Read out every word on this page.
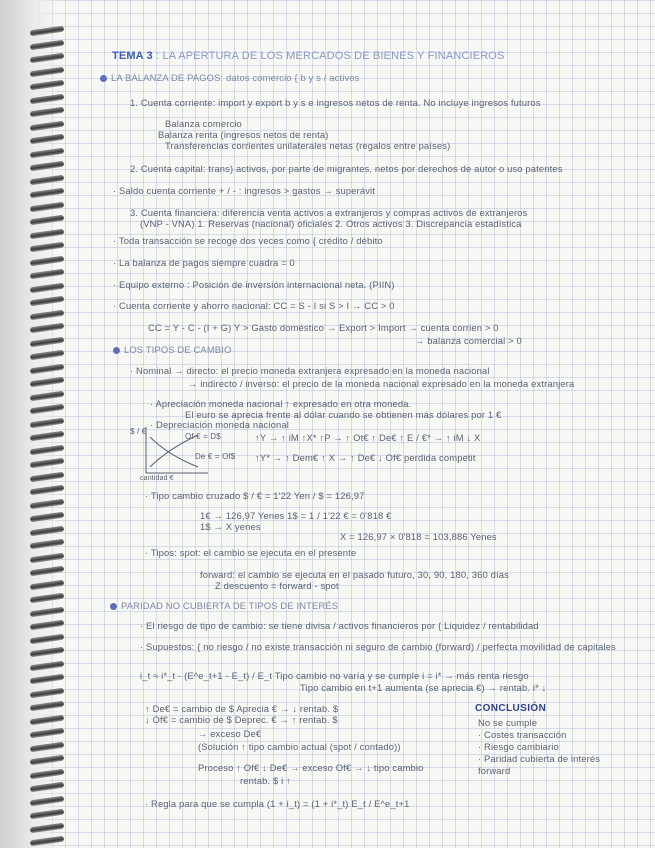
TEMA 3 : LA APERTURA DE LOS MERCADOS DE BIENES Y FINANCIEROS
LA BALANZA DE PAGOS: datos comercio { b y s / activos
1. Cuenta corriente: import y export b y s e ingresos netos de renta. No incluye ingresos futuros
Balanza comercio
Balanza renta (ingresos netos de renta)
Transferencias corrientes unilaterales netas (regalos entre países)
2. Cuenta capital: trans) activos, por parte de migrantes, netos por derechos de autor o uso patentes
· Saldo cuenta corriente + / - : ingresos > gastos → superávit
3. Cuenta financiera: diferencia venta activos a extranjeros y compras activos de extranjeros
(VNP - VNA) 1. Reservas (nacional) oficiales 2. Otros activos 3. Discrepancia estadística
· Toda transacción se recoge dos veces como { crédito / débito
· La balanza de pagos siempre cuadra = 0
· Equipo externo : Posición de inversión internacional neta. (PIIN)
· Cuenta corriente y ahorro nacional: CC = S - I si S > I → CC > 0
CC = Y - C - (I + G) Y > Gasto doméstico → Export > Import → cuenta corrien > 0
→ balanza comercial > 0
LOS TIPOS DE CAMBIO
· Nominal → directo: el precio moneda extranjera expresado en la moneda nacional
→ indirecto / inverso: el precio de la moneda nacional expresado en la moneda extranjera
· Apreciación moneda nacional ↑ expresado en otra moneda.
El euro se aprecia frente al dólar cuando se obtienen más dólares por 1 €
· Depreciación moneda nacional
↑Y → ↑ iM ↑X* ↑P → ↑ Ot€ ↑ De€ ↑ E / €* → ↑ iM ↓ X
↑Y* → ↑ Dem€ ↑ X → ↑ De€ ↓ Of€ perdida competit
$ / €
Of € = D$
De € = Of$
cantidad €
· Tipo cambio cruzado $ / € = 1'22 Yen / $ = 126,97
1€ → 126,97 Yenes 1$ = 1 / 1'22 € = 0'818 €
1$ → X yenes
X = 126,97 × 0'818 = 103,886 Yenes
· Tipos: spot: el cambio se ejecuta en el presente
forward: el cambio se ejecuta en el pasado futuro, 30, 90, 180, 360 días
Z descuento = forward - spot
PARIDAD NO CUBIERTA DE TIPOS DE INTERÉS
· El riesgo de tipo de cambio: se tiene divisa / activos financieros por { Liquidez / rentabilidad
· Supuestos: { no riesgo / no existe transacción ni seguro de cambio (forward) / perfecta movilidad de capitales
i_t ≈ i*_t - (E^e_t+1 - E_t) / E_t Tipo cambio no varía y se cumple i = i* → más renta riesgo
Tipo cambio en t+1 aumenta (se aprecia €) → rentab. i* ↓
↑ De€ = cambio de $ Aprecia € → ↓ rentab. $
↓ Of€ = cambio de $ Deprec. € → ↑ rentab. $
→ exceso De€
(Solución ↑ tipo cambio actual (spot / contado))
Proceso ↑ Of€ ↓ De€ → exceso Of€ → ↓ tipo cambio
rentab. $ i ↑
· Regla para que se cumpla (1 + i_t) = (1 + i*_t) E_t / E^e_t+1
CONCLUSIÓN
No se cumple
· Costes transacción
· Riesgo cambiario
· Paridad cubierta de interés forward
